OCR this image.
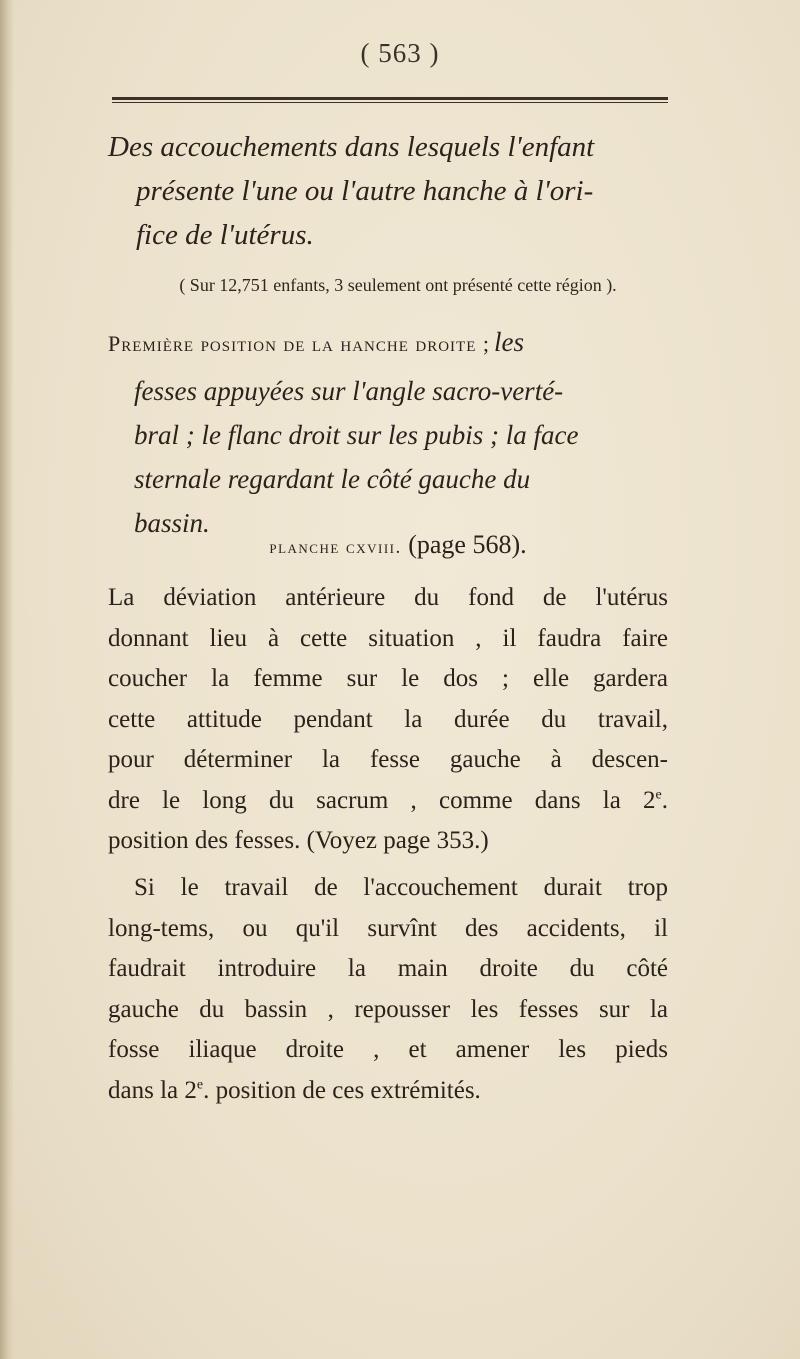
( 563 )
Des accouchements dans lesquels l'enfant
présente l'une ou l'autre hanche à l'ori-
fice de l'utérus.
( Sur 12,751 enfants, 3 seulement ont présenté cette région ).
Première position de la hanche droite ; les
fesses appuyées sur l'angle sacro-verté-
bral ; le flanc droit sur les pubis ; la face
sternale regardant le côté gauche du
bassin.
planche cxviii. (page 568).
La déviation antérieure du fond de l'utérus
donnant lieu à cette situation , il faudra faire
coucher la femme sur le dos ; elle gardera
cette attitude pendant la durée du travail,
pour déterminer la fesse gauche à descen-
dre le long du sacrum , comme dans la 2e.
position des fesses. (Voyez page 353.)
Si le travail de l'accouchement durait trop
long-tems, ou qu'il survînt des accidents, il
faudrait introduire la main droite du côté
gauche du bassin , repousser les fesses sur la
fosse iliaque droite , et amener les pieds
dans la 2e. position de ces extrémités.
